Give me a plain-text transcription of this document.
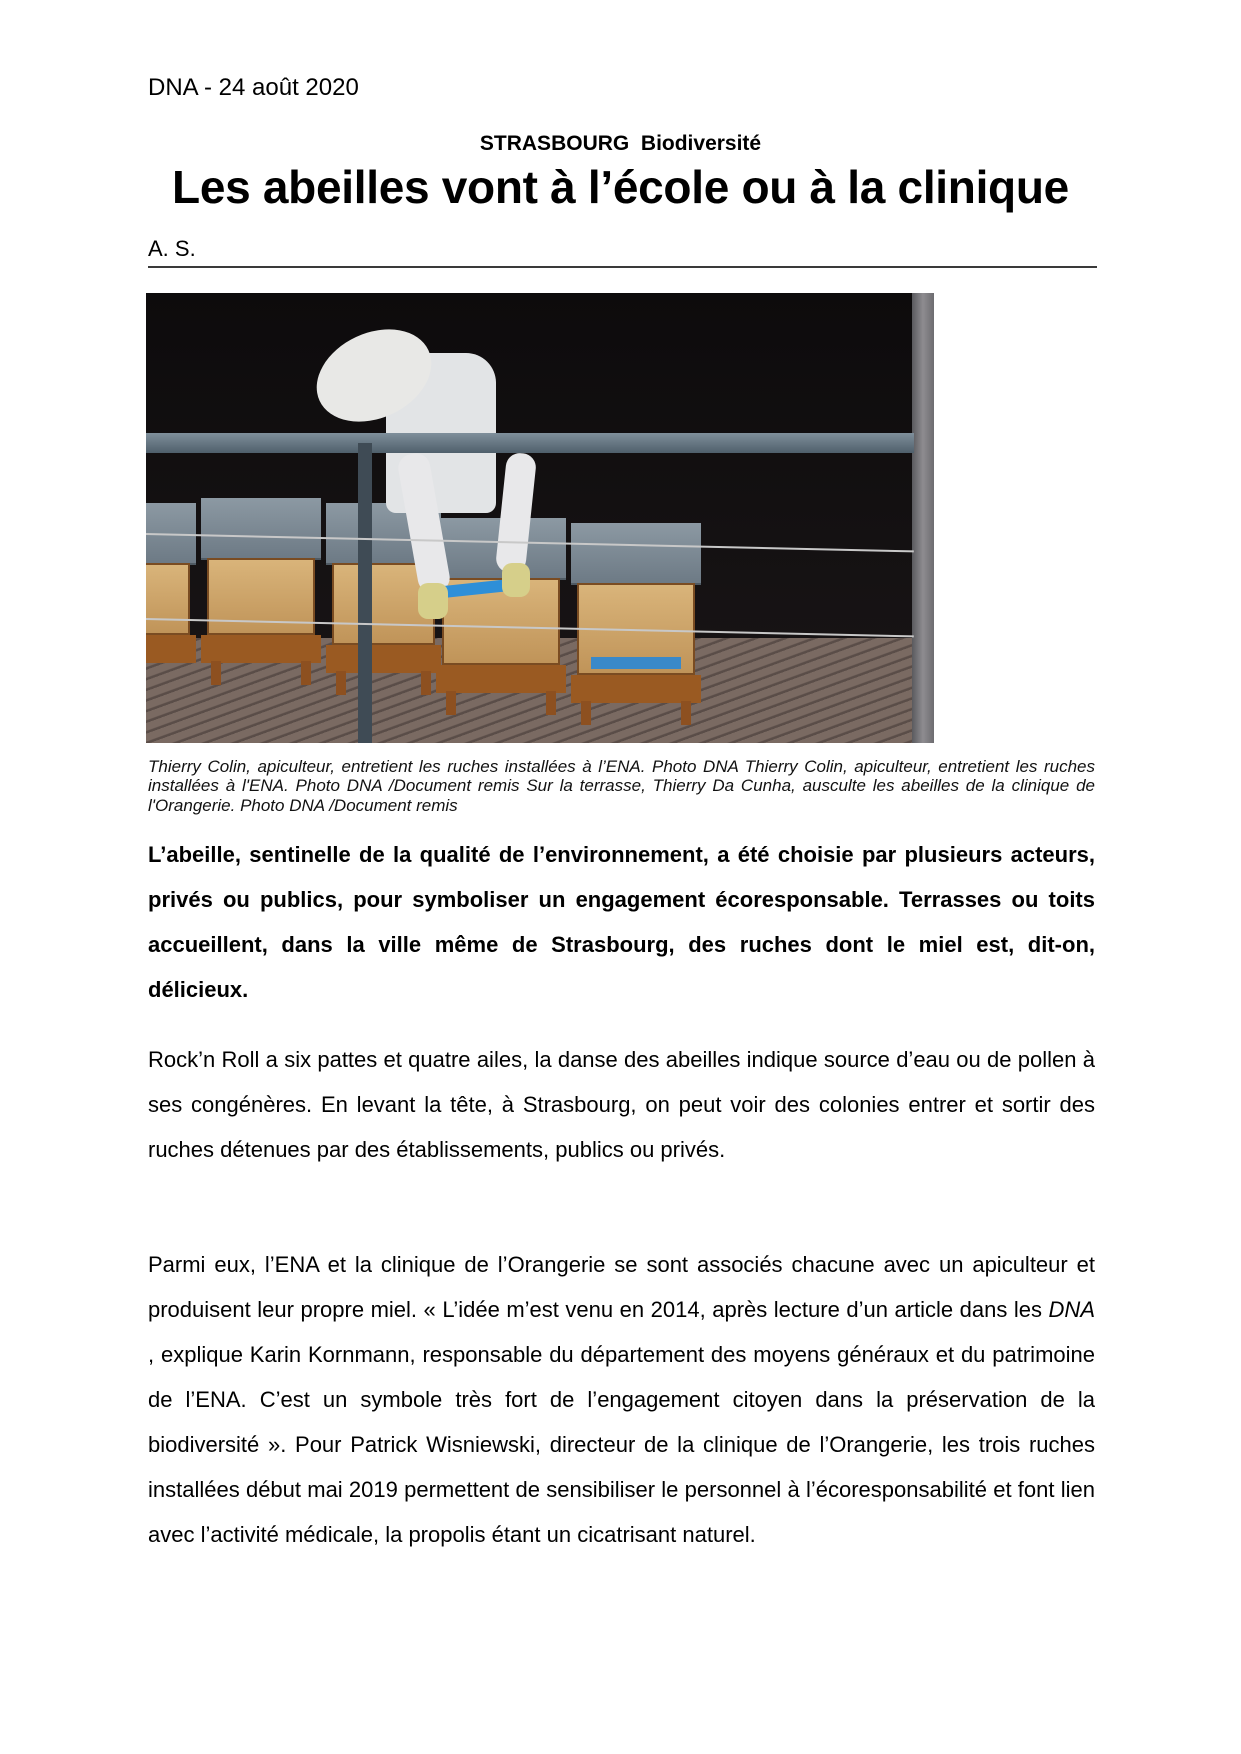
DNA - 24 août 2020
STRASBOURG  Biodiversité
Les abeilles vont à l’école ou à la clinique
A. S.
Thierry Colin, apiculteur, entretient les ruches installées à l’ENA. Photo DNA Thierry Colin, apiculteur, entretient les ruches installées à l'ENA. Photo DNA /Document remis Sur la terrasse, Thierry Da Cunha, ausculte les abeilles de la clinique de l'Orangerie. Photo DNA /Document remis

L’abeille, sentinelle de la qualité de l’environnement, a été choisie par plusieurs acteurs, privés ou publics, pour symboliser un engagement écoresponsable. Terrasses ou toits accueillent, dans la ville même de Strasbourg, des ruches dont le miel est, dit-on, délicieux.

Rock’n Roll a six pattes et quatre ailes, la danse des abeilles indique source d’eau ou de pollen à ses congénères. En levant la tête, à Strasbourg, on peut voir des colonies entrer et sortir des ruches détenues par des établissements, publics ou privés.

Parmi eux, l’ENA et la clinique de l’Orangerie se sont associés chacune avec un apiculteur et produisent leur propre miel. « L’idée m’est venu en 2014, après lecture d’un article dans les DNA , explique Karin Kornmann, responsable du département des moyens généraux et du patrimoine de l’ENA. C’est un symbole très fort de l’engagement citoyen dans la préservation de la biodiversité ». Pour Patrick Wisniewski, directeur de la clinique de l’Orangerie, les trois ruches installées début mai 2019 permettent de sensibiliser le personnel à l’écoresponsabilité et font lien avec l’activité médicale, la propolis étant un cicatrisant naturel.
